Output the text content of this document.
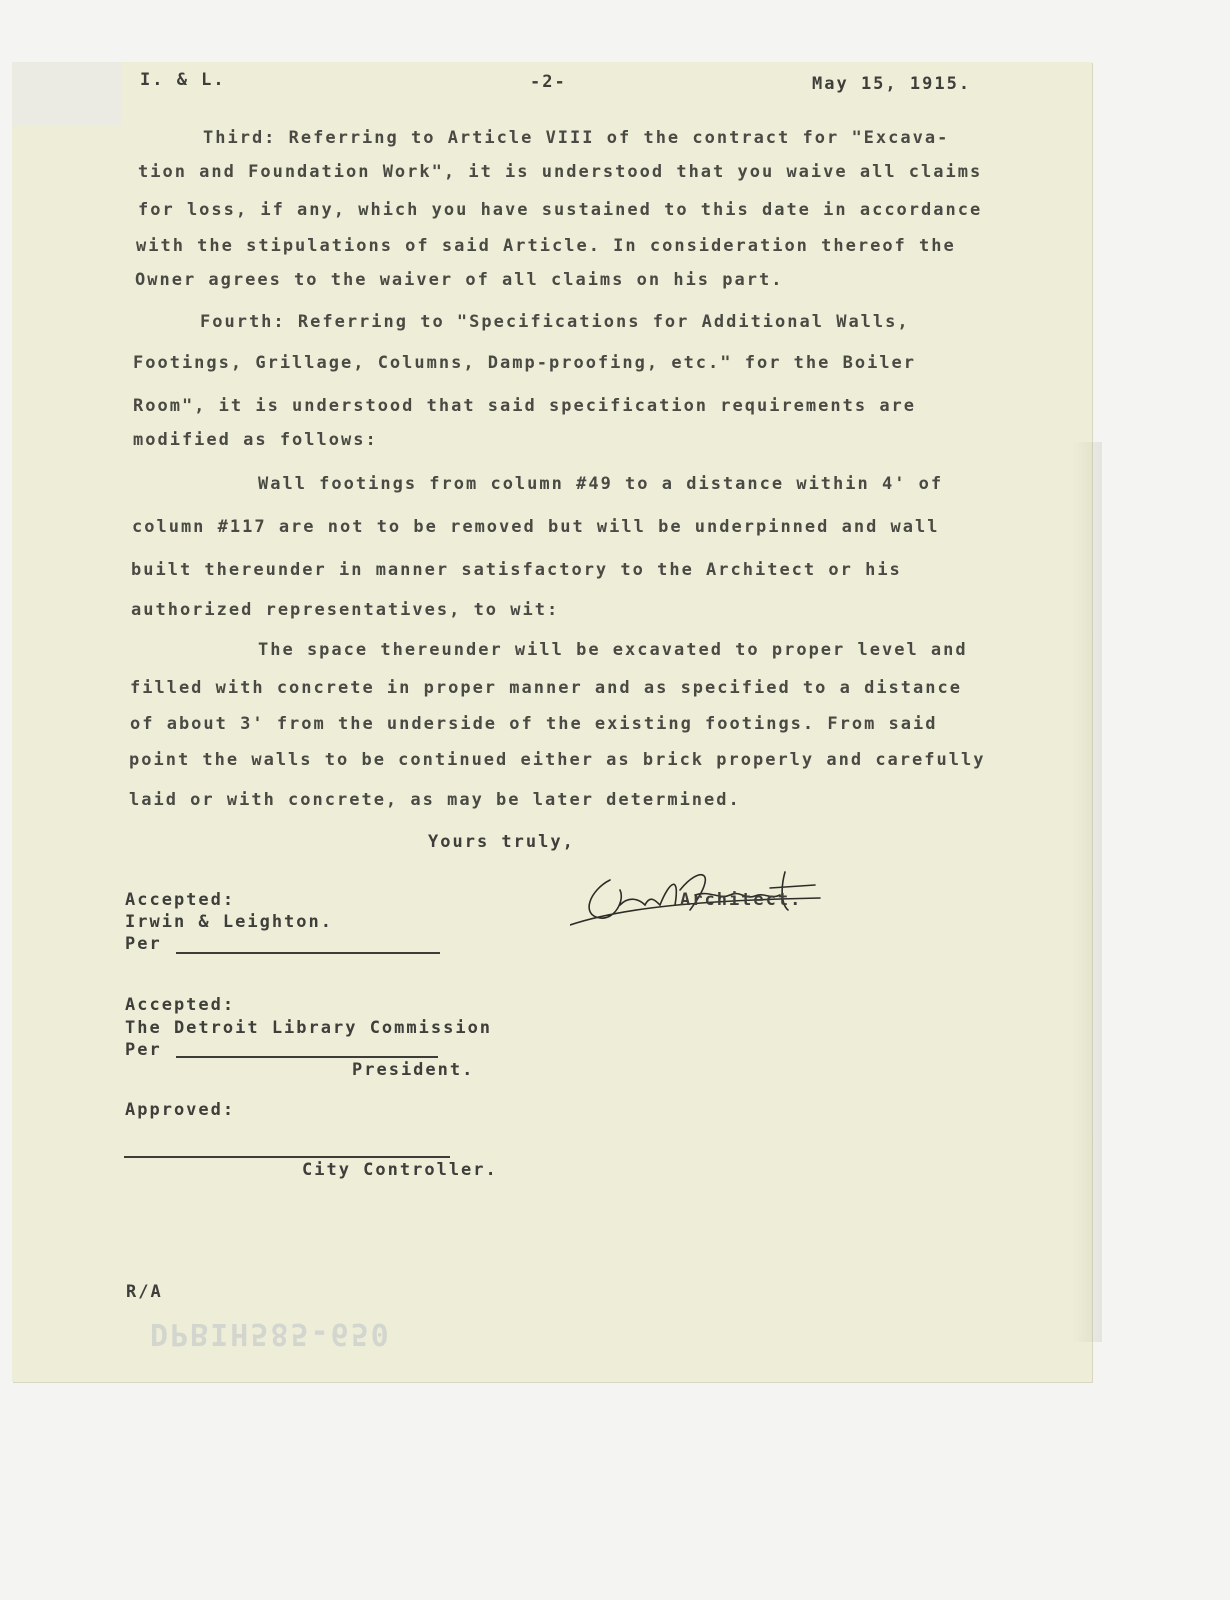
I. & L.	-2-	May 15, 1915.
Third: Referring to Article VIII of the contract for "Excava-
tion and Foundation Work", it is understood that you waive all claims
for loss, if any, which you have sustained to this date in accordance
with the stipulations of said Article. In consideration thereof the
Owner agrees to the waiver of all claims on his part.
Fourth: Referring to "Specifications for Additional Walls,
Footings, Grillage, Columns, Damp-proofing, etc." for the Boiler
Room", it is understood that said specification requirements are
modified as follows:
Wall footings from column #49 to a distance within 4' of
column #117 are not to be removed but will be underpinned and wall
built thereunder in manner satisfactory to the Architect or his
authorized representatives, to wit:
The space thereunder will be excavated to proper level and
filled with concrete in proper manner and as specified to a distance
of about 3' from the underside of the existing footings. From said
point the walls to be continued either as brick properly and carefully
laid or with concrete, as may be later determined.
Yours truly,
Architect.
Accepted:
Irwin & Leighton.
Per
Accepted:
The Detroit Library Commission
Per
President.
Approved:
City Controller.
R/A
DPBIH585-650
